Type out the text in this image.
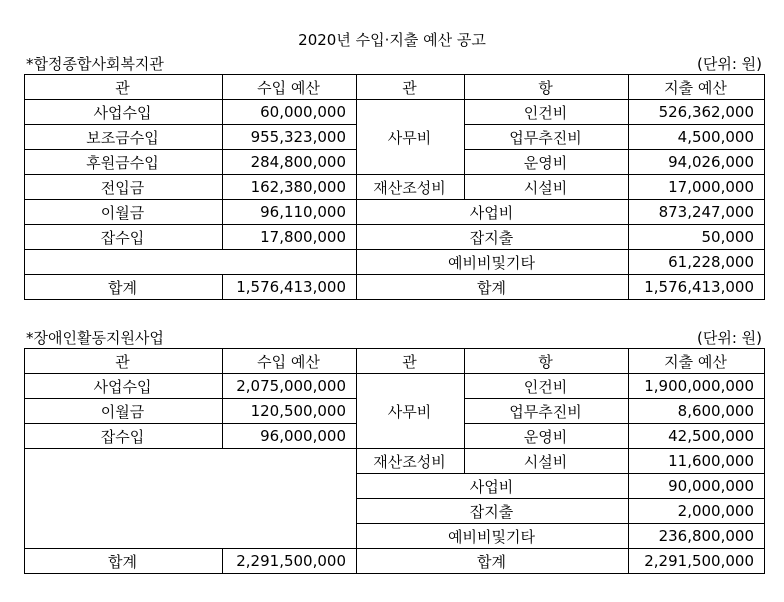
2020년 수입·지출 예산 공고
*합정종합사회복지관	(단위: 원)
관	수입 예산	관	항	지출 예산
사업수입	60,000,000	사무비	인건비	526,362,000
보조금수입	955,323,000		업무추진비	4,500,000
후원금수입	284,800,000		운영비	94,026,000
전입금	162,380,000	재산조성비	시설비	17,000,000
이월금	96,110,000	사업비		873,247,000
잡수입	17,800,000	잡지출		50,000
		예비비및기타		61,228,000
합계	1,576,413,000	합계		1,576,413,000
*장애인활동지원사업	(단위: 원)
관	수입 예산	관	항	지출 예산
사업수입	2,075,000,000	사무비	인건비	1,900,000,000
이월금	120,500,000		업무추진비	8,600,000
잡수입	96,000,000		운영비	42,500,000
		재산조성비	시설비	11,600,000
		사업비		90,000,000
		잡지출		2,000,000
		예비비및기타		236,800,000
합계	2,291,500,000	합계		2,291,500,000
